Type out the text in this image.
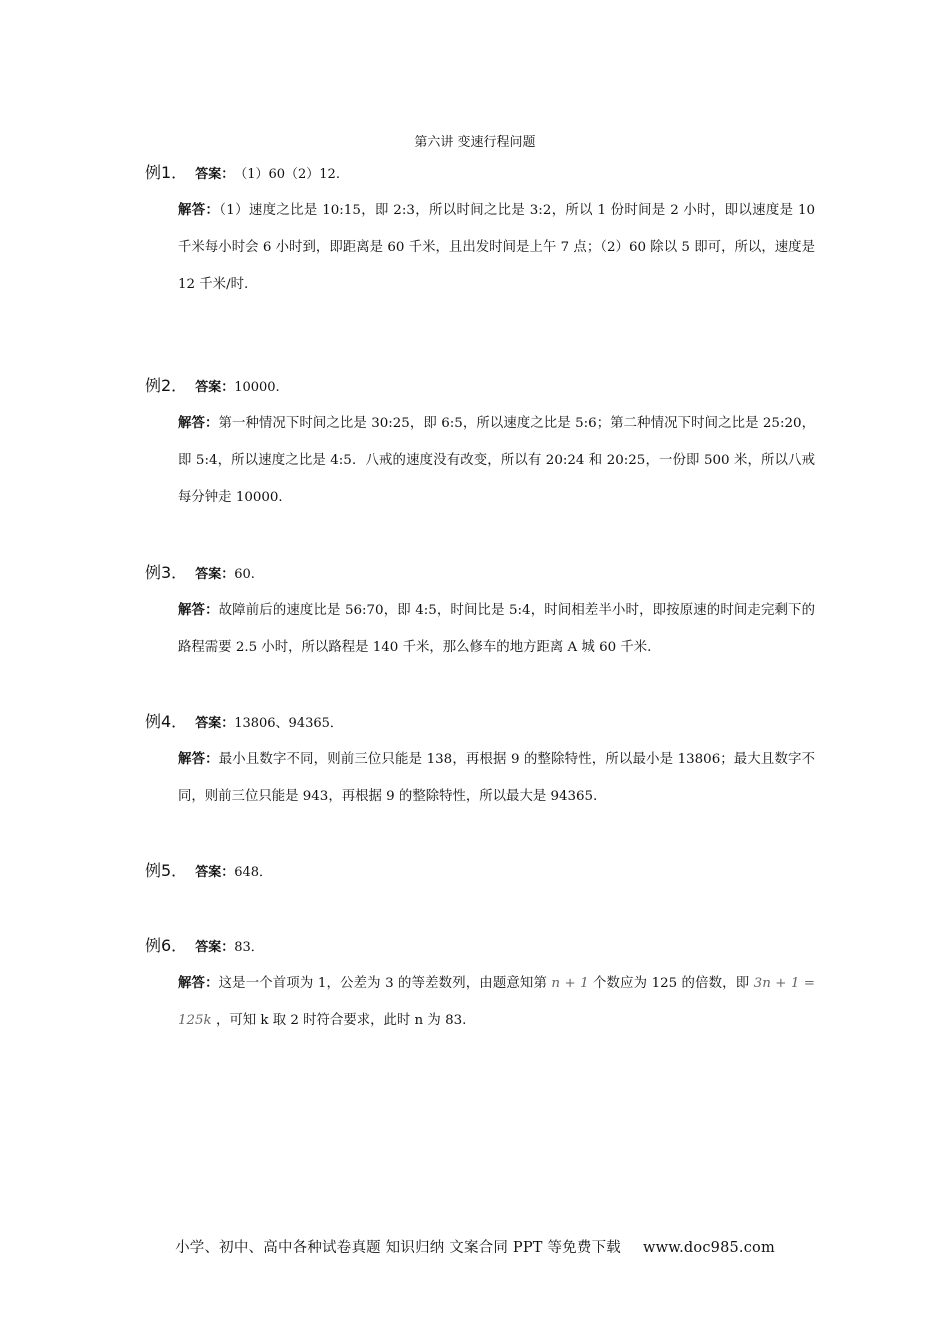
第六讲 变速行程问题
例1． 答案： （1）60（2）12.
解答：（1）速度之比是 10:15，即 2:3，所以时间之比是 3:2，所以 1 份时间是 2 小时，即以速度是 10 千米每小时会 6 小时到，即距离是 60 千米，且出发时间是上午 7 点；（2）60 除以 5 即可，所以，速度是 12 千米/时.
例2． 答案： 10000.
解答：第一种情况下时间之比是 30:25，即 6:5，所以速度之比是 5:6；第二种情况下时间之比是 25:20，即 5:4，所以速度之比是 4:5．八戒的速度没有改变，所以有 20:24 和 20:25，一份即 500 米，所以八戒每分钟走 10000．
例3． 答案： 60.
解答：故障前后的速度比是 56:70，即 4:5，时间比是 5:4，时间相差半小时，即按原速的时间走完剩下的路程需要 2.5 小时，所以路程是 140 千米，那么修车的地方距离 A 城 60 千米.
例4． 答案： 13806、94365．
解答：最小且数字不同，则前三位只能是 138，再根据 9 的整除特性，所以最小是 13806；最大且数字不同，则前三位只能是 943，再根据 9 的整除特性，所以最大是 94365．
例5． 答案： 648．
例6． 答案： 83．
解答：这是一个首项为 1，公差为 3 的等差数列，由题意知第 n + 1 个数应为 125 的倍数，即 3n + 1 = 125k ，可知 k 取 2 时符合要求，此时 n 为 83.
小学、初中、高中各种试卷真题 知识归纳 文案合同 PPT 等免费下载 www.doc985.com
